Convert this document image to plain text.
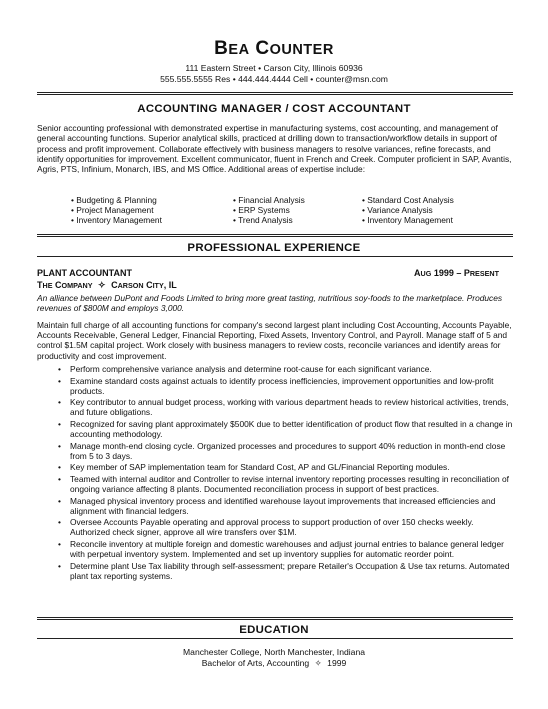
BEA COUNTER
111 Eastern Street • Carson City, Illinois 60936
555.555.5555 Res • 444.444.4444 Cell • counter@msn.com
ACCOUNTING MANAGER / COST ACCOUNTANT
Senior accounting professional with demonstrated expertise in manufacturing systems, cost accounting, and management of general accounting functions. Superior analytical skills, practiced at drilling down to transaction/workflow details in support of process and profit improvement. Collaborate effectively with business managers to resolve variances, refine forecasts, and identify opportunities for improvement. Excellent communicator, fluent in French and Creek. Computer proficient in SAP, Avantis, Agris, PTS, Infinium, Monarch, IBS, and MS Office. Additional areas of expertise include:
• Budgeting & Planning
• Project Management
• Inventory Management
• Financial Analysis
• ERP Systems
• Trend Analysis
• Standard Cost Analysis
• Variance Analysis
• Inventory Management
PROFESSIONAL EXPERIENCE
PLANT ACCOUNTANT	AUG 1999 – PRESENT
THE COMPANY ✧ CARSON CITY, IL
An alliance between DuPont and Foods Limited to bring more great tasting, nutritious soy-foods to the marketplace. Produces revenues of $800M and employs 3,000.
Maintain full charge of all accounting functions for company's second largest plant including Cost Accounting, Accounts Payable, Accounts Receivable, General Ledger, Financial Reporting, Fixed Assets, Inventory Control, and Payroll. Manage staff of 5 and control $1.5M capital project. Work closely with business managers to review costs, reconcile variances and identify areas for productivity and cost improvement.
• Perform comprehensive variance analysis and determine root-cause for each significant variance.
• Examine standard costs against actuals to identify process inefficiencies, improvement opportunities and low-profit products.
• Key contributor to annual budget process, working with various department heads to review historical activities, trends, and future obligations.
• Recognized for saving plant approximately $500K due to better identification of product flow that resulted in a change in accounting methodology.
• Manage month-end closing cycle. Organized processes and procedures to support 40% reduction in month-end close from 5 to 3 days.
• Key member of SAP implementation team for Standard Cost, AP and GL/Financial Reporting modules.
• Teamed with internal auditor and Controller to revise internal inventory reporting processes resulting in reconciliation of ongoing variance affecting 8 plants. Documented reconciliation process in support of best practices.
• Managed physical inventory process and identified warehouse layout improvements that increased efficiencies and alignment with financial ledgers.
• Oversee Accounts Payable operating and approval process to support production of over 150 checks weekly. Authorized check signer, approve all wire transfers over $1M.
• Reconcile inventory at multiple foreign and domestic warehouses and adjust journal entries to balance general ledger with perpetual inventory system. Implemented and set up inventory supplies for automatic reorder point.
• Determine plant Use Tax liability through self-assessment; prepare Retailer's Occupation & Use tax returns. Automated plant tax reporting systems.
EDUCATION
Manchester College, North Manchester, Indiana
Bachelor of Arts, Accounting ✧ 1999
